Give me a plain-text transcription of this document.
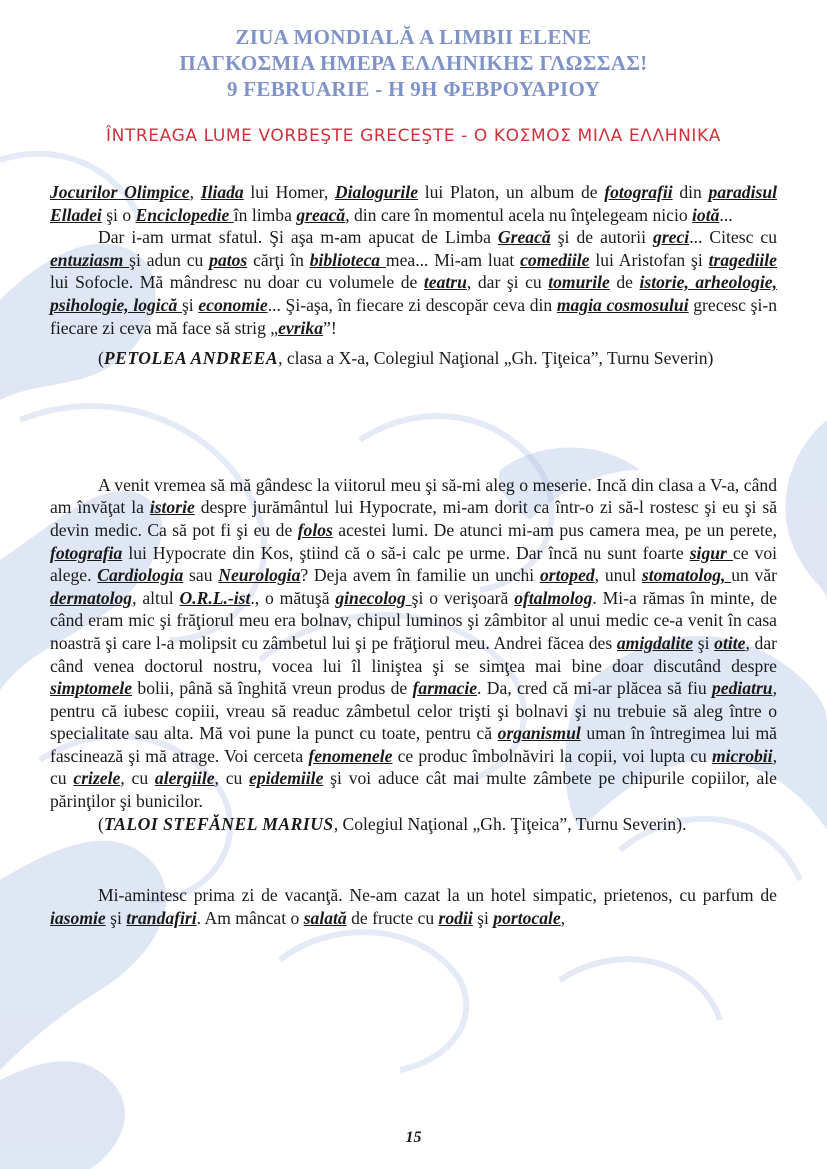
ZIUA MONDIALĂ A LIMBII ELENE
ΠΑΓΚΟΣΜΙΑ ΗΜΕΡΑ ΕΛΛΗΝΙΚΗΣ ΓΛΩΣΣΑΣ!
9 FEBRUARIE - Η 9Η ΦΕΒΡΟΥΑΡΙΟΥ
ÎNTREAGA LUME VORBEŞTE GRECEŞTE - Ο ΚΟΣΜΟΣ ΜΙΛΑ ΕΛΛΗΝΙΚΑ

Jocurilor Olimpice, Iliada lui Homer, Dialogurile lui Platon, un album de fotografii din paradisul Elladei şi o Enciclopedie în limba greacă, din care în momentul acela nu înţelegeam nicio iotă...

Dar i-am urmat sfatul. Şi aşa m-am apucat de Limba Greacă şi de autorii greci... Citesc cu entuziasm şi adun cu patos cărţi în biblioteca mea... Mi-am luat comediile lui Aristofan şi tragediile lui Sofocle. Mă mândresc nu doar cu volumele de teatru, dar şi cu tomurile de istorie, arheologie, psihologie, logică şi economie... Şi-aşa, în fiecare zi descopăr ceva din magia cosmosului grecesc şi-n fiecare zi ceva mă face să strig „evrika”!

(PETOLEA ANDREEA, clasa a X-a, Colegiul Naţional „Gh. Ţiţeica”, Turnu Severin)

A venit vremea să mă gândesc la viitorul meu şi să-mi aleg o meserie. Incă din clasa a V-a, când am învăţat la istorie despre jurământul lui Hypocrate, mi-am dorit ca într-o zi să-l rostesc şi eu şi să devin medic. Ca să pot fi şi eu de folos acestei lumi. De atunci mi-am pus camera mea, pe un perete, fotografia lui Hypocrate din Kos, ştiind că o să-i calc pe urme. Dar încă nu sunt foarte sigur ce voi alege. Cardiologia sau Neurologia? Deja avem în familie un unchi ortoped, unul stomatolog, un văr dermatolog, altul O.R.L.-ist., o mătuşă ginecolog şi o verişoară oftalmolog. Mi-a rămas în minte, de când eram mic şi frăţiorul meu era bolnav, chipul luminos şi zâmbitor al unui medic ce-a venit în casa noastră şi care l-a molipsit cu zâmbetul lui şi pe frăţiorul meu. Andrei făcea des amigdalite şi otite, dar când venea doctorul nostru, vocea lui îl liniştea şi se simţea mai bine doar discutând despre simptomele bolii, până să înghită vreun produs de farmacie. Da, cred că mi-ar plăcea să fiu pediatru, pentru că iubesc copiii, vreau să readuc zâmbetul celor trişti şi bolnavi şi nu trebuie să aleg între o specialitate sau alta. Mă voi pune la punct cu toate, pentru că organismul uman în întregimea lui mă fascinează şi mă atrage. Voi cerceta fenomenele ce produc îmbolnăviri la copii, voi lupta cu microbii, cu crizele, cu alergiile, cu epidemiile şi voi aduce cât mai multe zâmbete pe chipurile copiilor, ale părinţilor şi bunicilor.

(TALOI STEFĂNEL MARIUS, Colegiul Naţional „Gh. Ţiţeica”, Turnu Severin).

Mi-amintesc prima zi de vacanţă. Ne-am cazat la un hotel simpatic, prietenos, cu parfum de iasomie şi trandafiri. Am mâncat o salată de fructe cu rodii şi portocale,

15
